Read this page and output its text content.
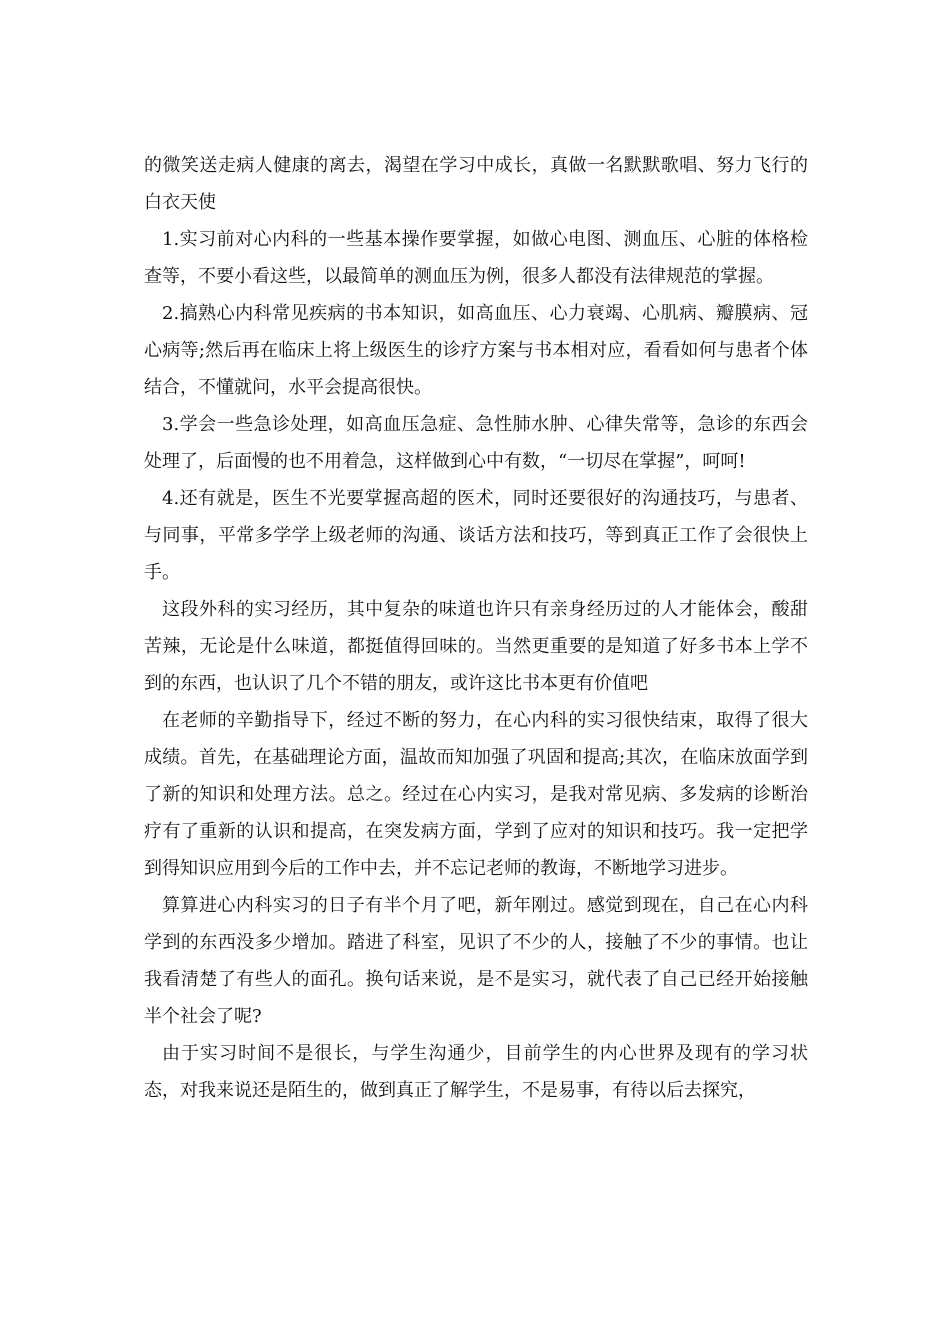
的微笑送走病人健康的离去，渴望在学习中成长，真做一名默默歌唱、努力飞行的白衣天使

1.实习前对心内科的一些基本操作要掌握，如做心电图、测血压、心脏的体格检查等，不要小看这些，以最简单的测血压为例，很多人都没有法律规范的掌握。

2.搞熟心内科常见疾病的书本知识，如高血压、心力衰竭、心肌病、瓣膜病、冠心病等;然后再在临床上将上级医生的诊疗方案与书本相对应，看看如何与患者个体结合，不懂就问，水平会提高很快。

3.学会一些急诊处理，如高血压急症、急性肺水肿、心律失常等，急诊的东西会处理了，后面慢的也不用着急，这样做到心中有数，“一切尽在掌握”，呵呵!

4.还有就是，医生不光要掌握高超的医术，同时还要很好的沟通技巧，与患者、与同事，平常多学学上级老师的沟通、谈话方法和技巧，等到真正工作了会很快上手。

这段外科的实习经历，其中复杂的味道也许只有亲身经历过的人才能体会，酸甜苦辣，无论是什么味道，都挺值得回味的。当然更重要的是知道了好多书本上学不到的东西，也认识了几个不错的朋友，或许这比书本更有价值吧

在老师的辛勤指导下，经过不断的努力，在心内科的实习很快结束，取得了很大成绩。首先，在基础理论方面，温故而知加强了巩固和提高;其次，在临床放面学到了新的知识和处理方法。总之。经过在心内实习，是我对常见病、多发病的诊断治疗有了重新的认识和提高，在突发病方面，学到了应对的知识和技巧。我一定把学到得知识应用到今后的工作中去，并不忘记老师的教诲，不断地学习进步。

算算进心内科实习的日子有半个月了吧，新年刚过。感觉到现在，自己在心内科学到的东西没多少增加。踏进了科室，见识了不少的人，接触了不少的事情。也让我看清楚了有些人的面孔。换句话来说，是不是实习，就代表了自己已经开始接触半个社会了呢?

由于实习时间不是很长，与学生沟通少，目前学生的内心世界及现有的学习状态，对我来说还是陌生的，做到真正了解学生，不是易事，有待以后去探究，
